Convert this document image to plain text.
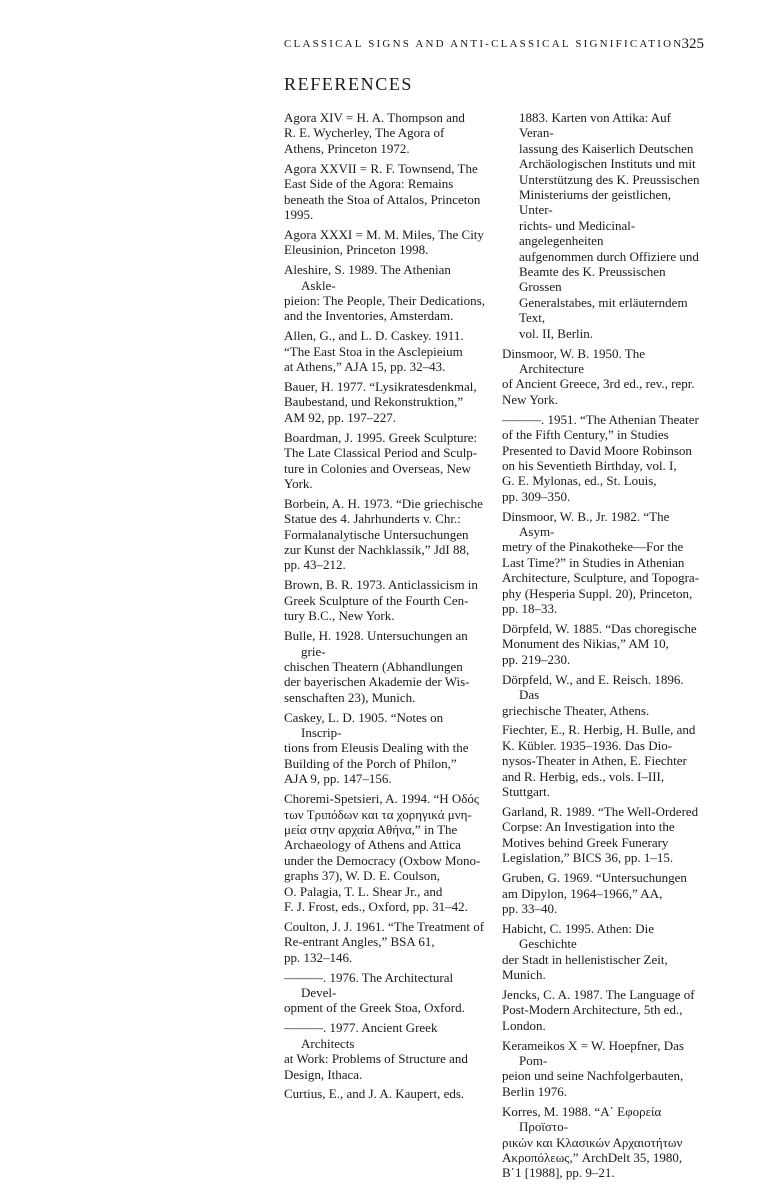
CLASSICAL SIGNS AND ANTI-CLASSICAL SIGNIFICATION
325
REFERENCES

Agora XIV = H. A. Thompson and
R. E. Wycherley, The Agora of
Athens, Princeton 1972.

Agora XXVII = R. F. Townsend, The
East Side of the Agora: Remains
beneath the Stoa of Attalos, Princeton
1995.

Agora XXXI = M. M. Miles, The City
Eleusinion, Princeton 1998.

Aleshire, S. 1989. The Athenian Askle-
pieion: The People, Their Dedications,
and the Inventories, Amsterdam.

Allen, G., and L. D. Caskey. 1911.
“The East Stoa in the Asclepieium
at Athens,” AJA 15, pp. 32–43.

Bauer, H. 1977. “Lysikratesdenkmal,
Baubestand, und Rekonstruktion,”
AM 92, pp. 197–227.

Boardman, J. 1995. Greek Sculpture:
The Late Classical Period and Sculp-
ture in Colonies and Overseas, New
York.

Borbein, A. H. 1973. “Die griechische
Statue des 4. Jahrhunderts v. Chr.:
Formalanalytische Untersuchungen
zur Kunst der Nachklassik,” JdI 88,
pp. 43–212.

Brown, B. R. 1973. Anticlassicism in
Greek Sculpture of the Fourth Cen-
tury B.C., New York.

Bulle, H. 1928. Untersuchungen an grie-
chischen Theatern (Abhandlungen
der bayerischen Akademie der Wis-
senschaften 23), Munich.

Caskey, L. D. 1905. “Notes on Inscrip-
tions from Eleusis Dealing with the
Building of the Porch of Philon,”
AJA 9, pp. 147–156.

Choremi-Spetsieri, A. 1994. “Η Οδός
των Τριπόδων και τα χορηγικά μνη-
μεία στην αρχαία Αθήνα,” in The
Archaeology of Athens and Attica
under the Democracy (Oxbow Mono-
graphs 37), W. D. E. Coulson,
O. Palagia, T. L. Shear Jr., and
F. J. Frost, eds., Oxford, pp. 31–42.

Coulton, J. J. 1961. “The Treatment of
Re-entrant Angles,” BSA 61,
pp. 132–146.

———. 1976. The Architectural Devel-
opment of the Greek Stoa, Oxford.

———. 1977. Ancient Greek Architects
at Work: Problems of Structure and
Design, Ithaca.

Curtius, E., and J. A. Kaupert, eds.

1883. Karten von Attika: Auf Veran-
lassung des Kaiserlich Deutschen
Archäologischen Instituts und mit
Unterstützung des K. Preussischen
Ministeriums der geistlichen, Unter-
richts- und Medicinal-angelegenheiten
aufgenommen durch Offiziere und
Beamte des K. Preussischen Grossen
Generalstabes, mit erläuterndem Text,
vol. II, Berlin.

Dinsmoor, W. B. 1950. The Architecture
of Ancient Greece, 3rd ed., rev., repr.
New York.

———. 1951. “The Athenian Theater
of the Fifth Century,” in Studies
Presented to David Moore Robinson
on his Seventieth Birthday, vol. I,
G. E. Mylonas, ed., St. Louis,
pp. 309–350.

Dinsmoor, W. B., Jr. 1982. “The Asym-
metry of the Pinakotheke—For the
Last Time?” in Studies in Athenian
Architecture, Sculpture, and Topogra-
phy (Hesperia Suppl. 20), Princeton,
pp. 18–33.

Dörpfeld, W. 1885. “Das choregische
Monument des Nikias,” AM 10,
pp. 219–230.

Dörpfeld, W., and E. Reisch. 1896. Das
griechische Theater, Athens.

Fiechter, E., R. Herbig, H. Bulle, and
K. Kübler. 1935–1936. Das Dio-
nysos-Theater in Athen, E. Fiechter
and R. Herbig, eds., vols. I–III,
Stuttgart.

Garland, R. 1989. “The Well-Ordered
Corpse: An Investigation into the
Motives behind Greek Funerary
Legislation,” BICS 36, pp. 1–15.

Gruben, G. 1969. “Untersuchungen
am Dipylon, 1964–1966,” AA,
pp. 33–40.

Habicht, C. 1995. Athen: Die Geschichte
der Stadt in hellenistischer Zeit,
Munich.

Jencks, C. A. 1987. The Language of
Post-Modern Architecture, 5th ed.,
London.

Kerameikos X = W. Hoepfner, Das Pom-
peion und seine Nachfolgerbauten,
Berlin 1976.

Korres, M. 1988. “Α΄ Εφορεία Προϊστο-
ρικών και Κλασικών Αρχαιοτήτων
Ακροπόλεως,” ArchDelt 35, 1980,
Β΄1 [1988], pp. 9–21.
